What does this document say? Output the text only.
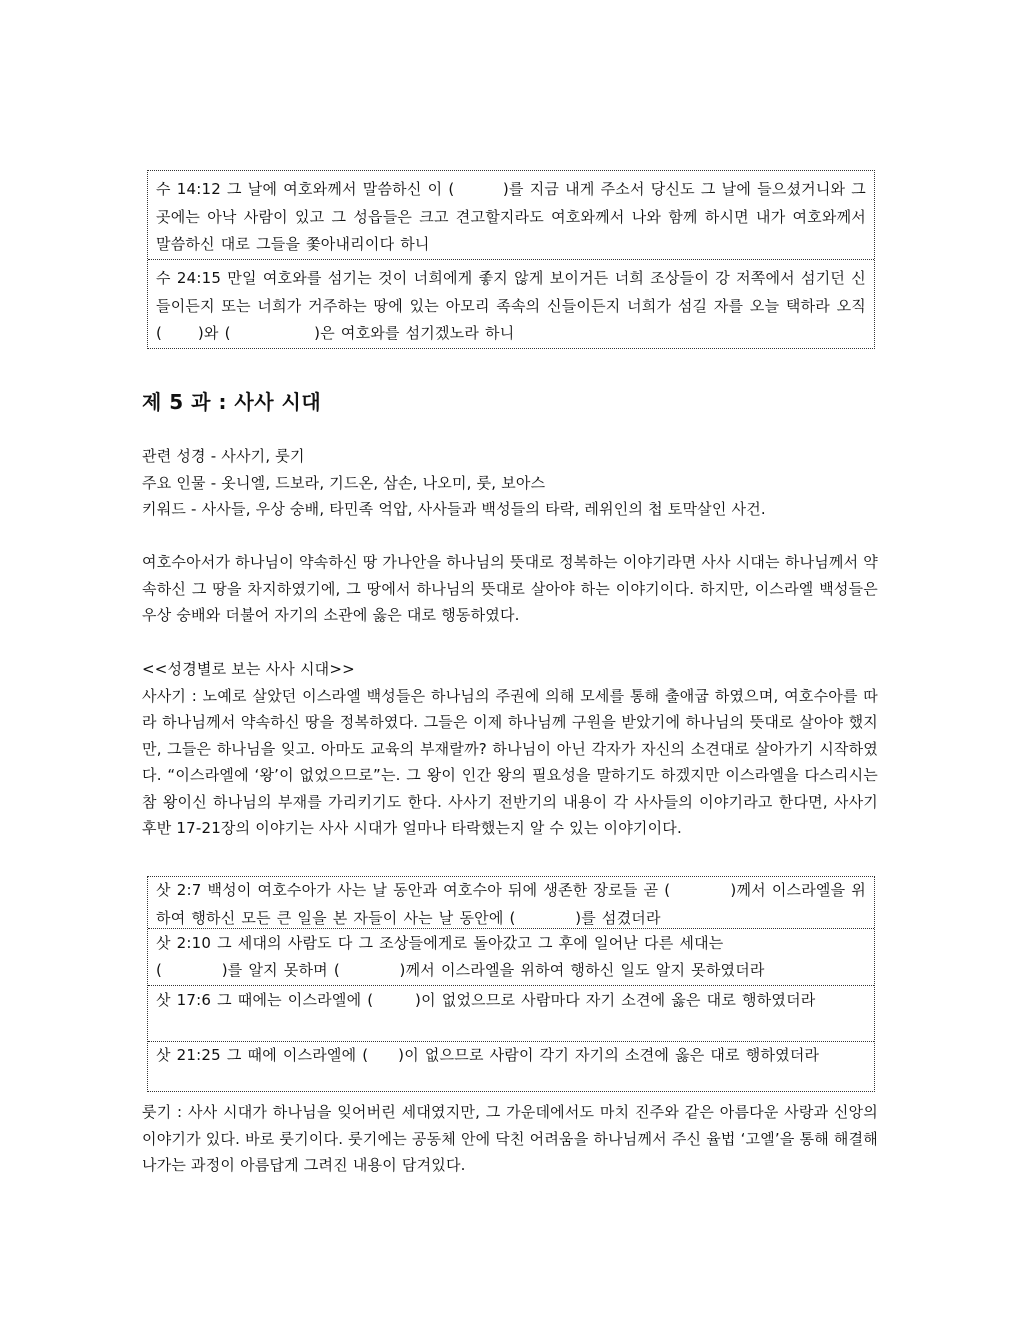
수 14:12 그 날에 여호와께서 말씀하신 이 (        )를 지금 내게 주소서 당신도 그 날에 들으셨거니와 그 곳에는 아낙 사람이 있고 그 성읍들은 크고 견고할지라도 여호와께서 나와 함께 하시면 내가 여호와께서 말씀하신 대로 그들을 쫓아내리이다 하니
수 24:15 만일 여호와를 섬기는 것이 너희에게 좋지 않게 보이거든 너희 조상들이 강 저쪽에서 섬기던 신들이든지 또는 너희가 거주하는 땅에 있는 아모리 족속의 신들이든지 너희가 섬길 자를 오늘 택하라 오직 (      )와 (              )은 여호와를 섬기겠노라 하니
제 5 과 : 사사 시대
관련 성경 - 사사기, 룻기
주요 인물 - 옷니엘, 드보라, 기드온, 삼손, 나오미, 룻, 보아스
키워드 - 사사들, 우상 숭배, 타민족 억압, 사사들과 백성들의 타락, 레위인의 첩 토막살인 사건.

여호수아서가 하나님이 약속하신 땅 가나안을 하나님의 뜻대로 정복하는 이야기라면 사사 시대는 하나님께서 약속하신 그 땅을 차지하였기에, 그 땅에서 하나님의 뜻대로 살아야 하는 이야기이다. 하지만, 이스라엘 백성들은 우상 숭배와 더불어 자기의 소관에 옳은 대로 행동하였다.

<<성경별로 보는 사사 시대>>

사사기 : 노예로 살았던 이스라엘 백성들은 하나님의 주권에 의해 모세를 통해 출애굽 하였으며, 여호수아를 따라 하나님께서 약속하신 땅을 정복하였다. 그들은 이제 하나님께 구원을 받았기에 하나님의 뜻대로 살아야 했지만, 그들은 하나님을 잊고. 아마도 교육의 부재랄까? 하나님이 아닌 각자가 자신의 소견대로 살아가기 시작하였다. “이스라엘에 ‘왕’이 없었으므로”는. 그 왕이 인간 왕의 필요성을 말하기도 하겠지만 이스라엘을 다스리시는 참 왕이신 하나님의 부재를 가리키기도 한다. 사사기 전반기의 내용이 각 사사들의 이야기라고 한다면, 사사기 후반 17-21장의 이야기는 사사 시대가 얼마나 타락했는지 알 수 있는 이야기이다.

삿 2:7 백성이 여호수아가 사는 날 동안과 여호수아 뒤에 생존한 장로들 곧 (          )께서 이스라엘을 위하여 행하신 모든 큰 일을 본 자들이 사는 날 동안에 (          )를 섬겼더라
삿 2:10 그 세대의 사람도 다 그 조상들에게로 돌아갔고 그 후에 일어난 다른 세대는
(          )를 알지 못하며 (          )께서 이스라엘을 위하여 행하신 일도 알지 못하였더라
삿 17:6 그 때에는 이스라엘에 (       )이 없었으므로 사람마다 자기 소견에 옳은 대로 행하였더라
삿 21:25 그 때에 이스라엘에 (     )이 없으므로 사람이 각기 자기의 소견에 옳은 대로 행하였더라

룻기 : 사사 시대가 하나님을 잊어버린 세대였지만, 그 가운데에서도 마치 진주와 같은 아름다운 사랑과 신앙의 이야기가 있다. 바로 룻기이다. 룻기에는 공동체 안에 닥친 어려움을 하나님께서 주신 율법 ‘고엘’을 통해 해결해 나가는 과정이 아름답게 그려진 내용이 담겨있다.
